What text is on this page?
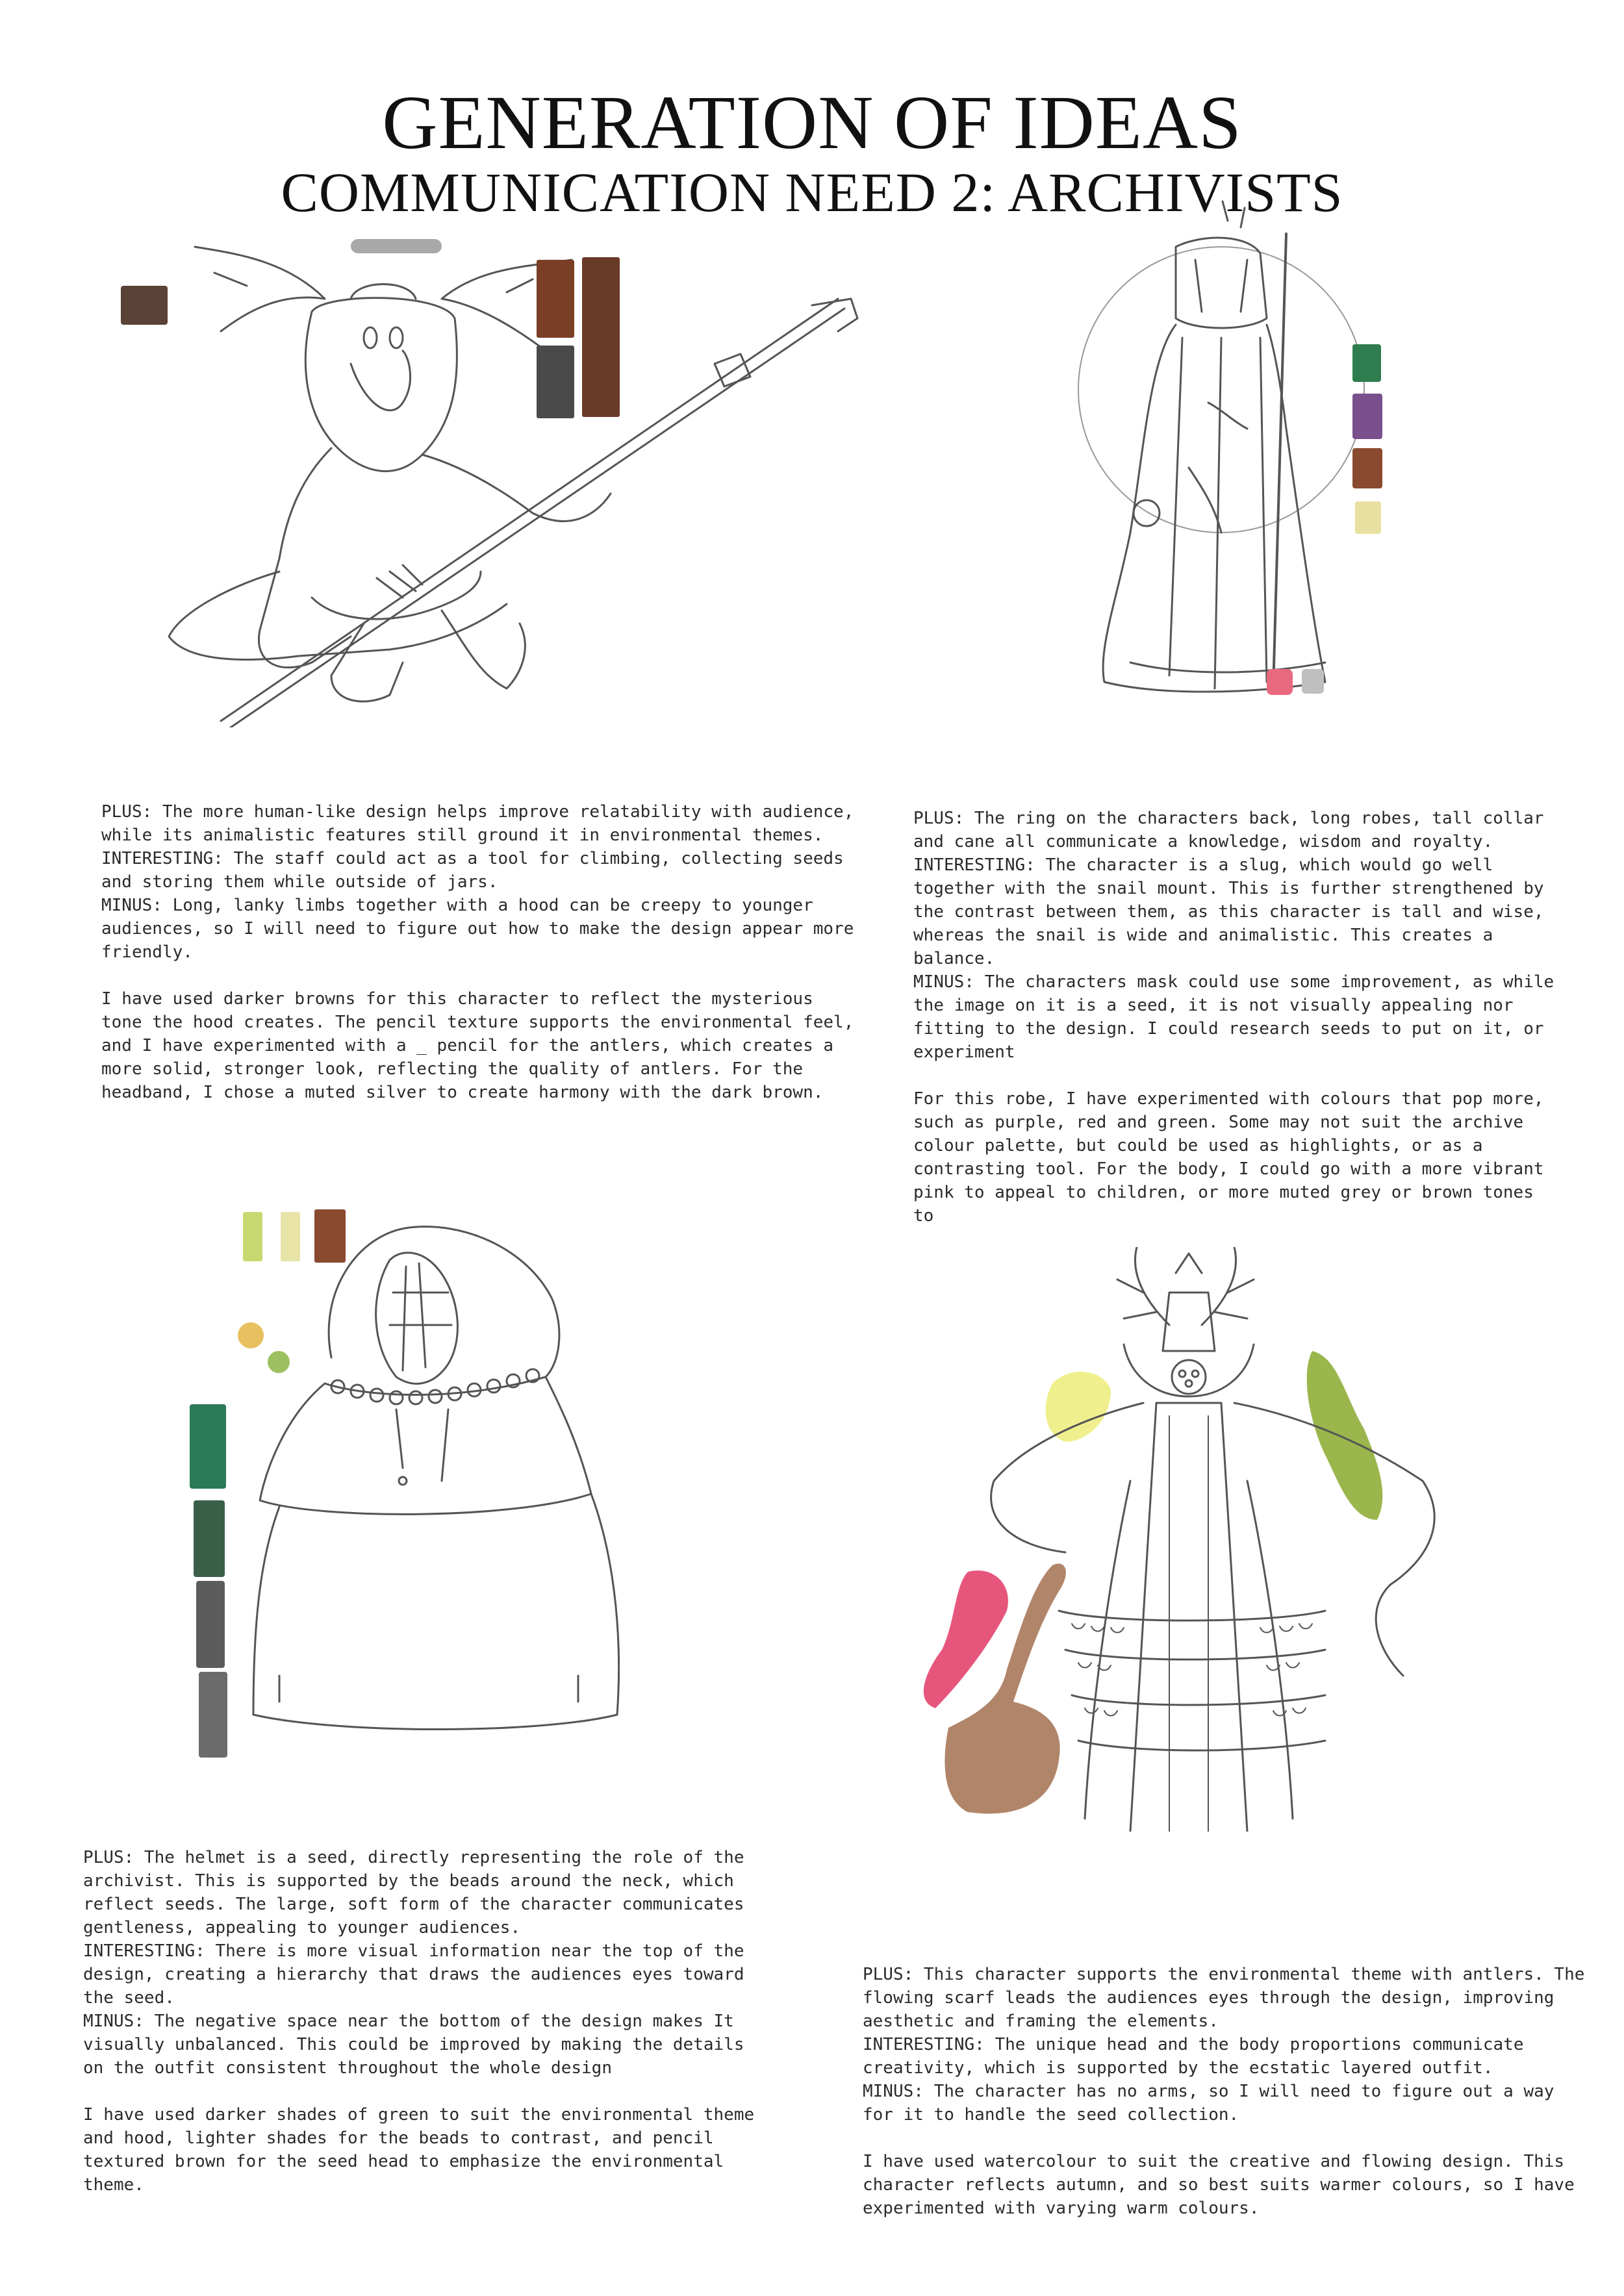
GENERATION OF IDEAS
COMMUNICATION NEED 2: ARCHIVISTS

PLUS: The more human-like design helps improve relatability with audience, while its animalistic features still ground it in environmental themes.
INTERESTING: The staff could act as a tool for climbing, collecting seeds and storing them while outside of jars.
MINUS: Long, lanky limbs together with a hood can be creepy to younger audiences, so I will need to figure out how to make the design appear more friendly.
I have used darker browns for this character to reflect the mysterious tone the hood creates. The pencil texture supports the environmental feel, and I have experimented with a _ pencil for the antlers, which creates a more solid, stronger look, reflecting the quality of antlers. For the headband, I chose a muted silver to create harmony with the dark brown.

PLUS: The ring on the characters back, long robes, tall collar and cane all communicate a knowledge, wisdom and royalty.
INTERESTING: The character is a slug, which would go well together with the snail mount. This is further strengthened by the contrast between them, as this character is tall and wise, whereas the snail is wide and animalistic. This creates a balance.
MINUS: The characters mask could use some improvement, as while the image on it is a seed, it is not visually appealing nor fitting to the design. I could research seeds to put on it, or experiment
For this robe, I have experimented with colours that pop more, such as purple, red and green. Some may not suit the archive colour palette, but could be used as highlights, or as a contrasting tool. For the body, I could go with a more vibrant pink to appeal to children, or more muted grey or brown tones to

PLUS: The helmet is a seed, directly representing the role of the archivist. This is supported by the beads around the neck, which reflect seeds. The large, soft form of the character communicates gentleness, appealing to younger audiences.
INTERESTING: There is more visual information near the top of the design, creating a hierarchy that draws the audiences eyes toward the seed.
MINUS: The negative space near the bottom of the design makes It visually unbalanced. This could be improved by making the details on the outfit consistent throughout the whole design
I have used darker shades of green to suit the environmental theme and hood, lighter shades for the beads to contrast, and pencil textured brown for the seed head to emphasize the environmental theme.

PLUS: This character supports the environmental theme with antlers. The flowing scarf leads the audiences eyes through the design, improving aesthetic and framing the elements.
INTERESTING: The unique head and the body proportions communicate creativity, which is supported by the ecstatic layered outfit.
MINUS: The character has no arms, so I will need to figure out a way for it to handle the seed collection.
I have used watercolour to suit the creative and flowing design. This character reflects autumn, and so best suits warmer colours, so I have experimented with varying warm colours.
